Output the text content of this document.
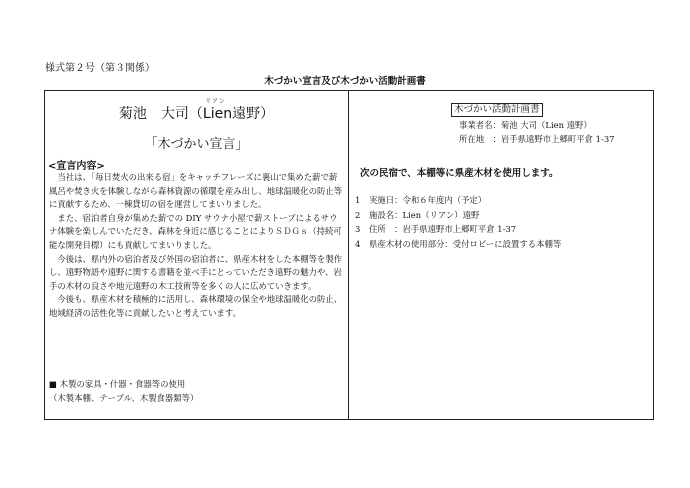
様式第２号（第３関係）
木づかい宣言及び木づかい活動計画書
リアン
菊池　大司（Lien遠野）
「木づかい宣言」
<宣言内容>

当社は、「毎日焚火の出来る宿」をキャッチフレーズに裏山で集めた薪で薪風呂や焚き火を体験しながら森林資源の循環を産み出し、地球温暖化の防止等に貢献するため、一棟貸切の宿を運営してまいりました。

また、宿泊者自身が集めた薪での DIY サウナ小屋で薪ストーブによるサウナ体験を楽しんでいただき、森林を身近に感じることによりＳＤＧｓ（持続可能な開発目標）にも貢献してまいりました。

今後は、県内外の宿泊者及び外国の宿泊者に、県産木材をした本棚等を製作し、遠野物語や遠野に関する書籍を並べ手にとっていただき遠野の魅力や、岩手の木材の良さや地元遠野の木工技術等を多くの人に広めていきます。

今後も、県産木材を積極的に活用し、森林環境の保全や地球温暖化の防止、地域経済の活性化等に貢献したいと考えています。

■ 木製の家具・什器・食器等の使用
（木製本棚、テーブル、木製食器類等）
木づかい活動計画書
事業者名：菊池 大司（Lien 遠野）
所在地　：岩手県遠野市上郷町平倉 1-37
次の民宿で、本棚等に県産木材を使用します。
1 実施日：令和６年度内（予定）
2 施設名：Lien（リアン）遠野
3 住所　：岩手県遠野市上郷町平倉 1-37
4 県産木材の使用部分：受付ロビーに設置する本棚等
